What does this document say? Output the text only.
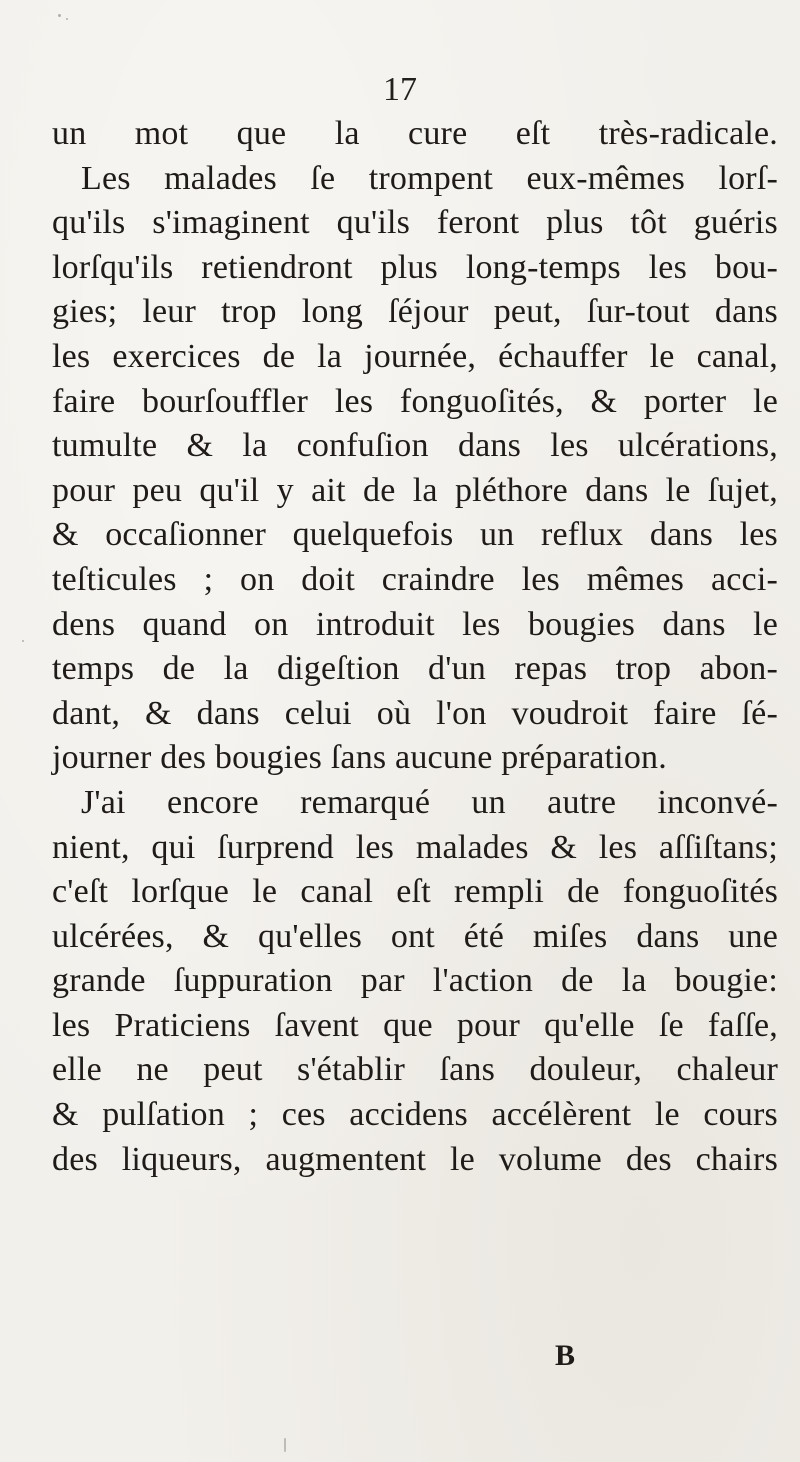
17
un mot que la cure eſt très-radicale.
Les malades ſe trompent eux-mêmes lorſ-
qu'ils s'imaginent qu'ils feront plus tôt guéris
lorſqu'ils retiendront plus long-temps les bou-
gies; leur trop long ſéjour peut, ſur-tout dans
les exercices de la journée, échauffer le canal,
faire bourſouffler les fonguoſités, & porter le
tumulte & la confuſion dans les ulcérations,
pour peu qu'il y ait de la pléthore dans le ſujet,
& occaſionner quelquefois un reflux dans les
teſticules ; on doit craindre les mêmes acci-
dens quand on introduit les bougies dans le
temps de la digeſtion d'un repas trop abon-
dant, & dans celui où l'on voudroit faire ſé-
journer des bougies ſans aucune préparation.
J'ai encore remarqué un autre inconvé-
nient, qui ſurprend les malades & les aſſiſtans;
c'eſt lorſque le canal eſt rempli de fonguoſités
ulcérées, & qu'elles ont été miſes dans une
grande ſuppuration par l'action de la bougie:
les Praticiens ſavent que pour qu'elle ſe faſſe,
elle ne peut s'établir ſans douleur, chaleur
& pulſation ; ces accidens accélèrent le cours
des liqueurs, augmentent le volume des chairs
B
